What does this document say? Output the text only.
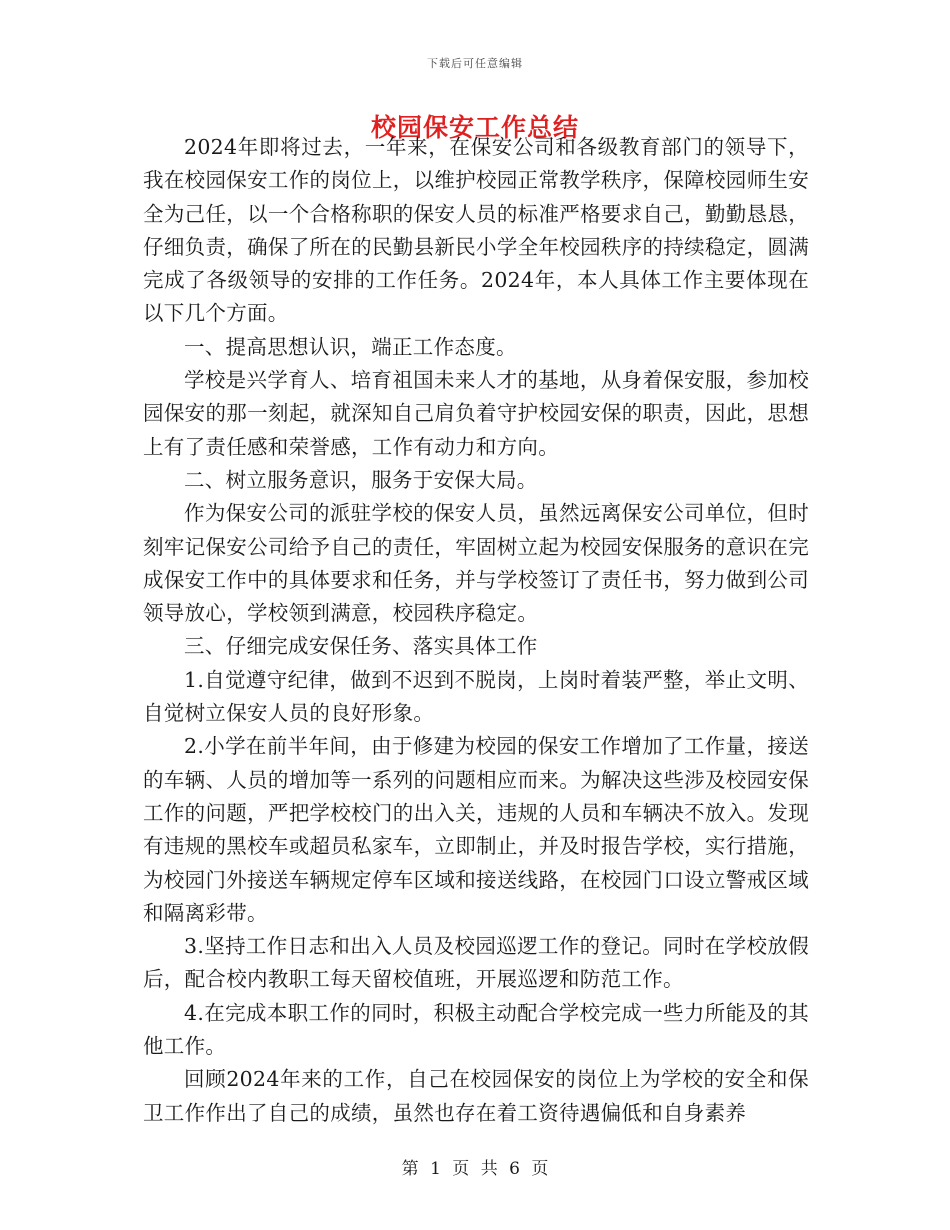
下载后可任意编辑
校园保安工作总结

2024年即将过去，一年来，在保安公司和各级教育部门的领导下，我在校园保安工作的岗位上，以维护校园正常教学秩序，保障校园师生安全为己任，以一个合格称职的保安人员的标准严格要求自己，勤勤恳恳，仔细负责，确保了所在的民勤县新民小学全年校园秩序的持续稳定，圆满完成了各级领导的安排的工作任务。2024年，本人具体工作主要体现在以下几个方面。

一、提高思想认识，端正工作态度。

学校是兴学育人、培育祖国未来人才的基地，从身着保安服，参加校园保安的那一刻起，就深知自己肩负着守护校园安保的职责，因此，思想上有了责任感和荣誉感，工作有动力和方向。

二、树立服务意识，服务于安保大局。

作为保安公司的派驻学校的保安人员，虽然远离保安公司单位，但时刻牢记保安公司给予自己的责任，牢固树立起为校园安保服务的意识在完成保安工作中的具体要求和任务，并与学校签订了责任书，努力做到公司领导放心，学校领到满意，校园秩序稳定。

三、仔细完成安保任务、落实具体工作

1.自觉遵守纪律，做到不迟到不脱岗，上岗时着装严整，举止文明、自觉树立保安人员的良好形象。

2.小学在前半年间，由于修建为校园的保安工作增加了工作量，接送的车辆、人员的增加等一系列的问题相应而来。为解决这些涉及校园安保工作的问题，严把学校校门的出入关，违规的人员和车辆决不放入。发现有违规的黑校车或超员私家车，立即制止，并及时报告学校，实行措施，为校园门外接送车辆规定停车区域和接送线路，在校园门口设立警戒区域和隔离彩带。

3.坚持工作日志和出入人员及校园巡逻工作的登记。同时在学校放假后，配合校内教职工每天留校值班，开展巡逻和防范工作。

4.在完成本职工作的同时，积极主动配合学校完成一些力所能及的其他工作。

回顾2024年来的工作，自己在校园保安的岗位上为学校的安全和保卫工作作出了自己的成绩，虽然也存在着工资待遇偏低和自身素养

第 1 页 共 6 页
